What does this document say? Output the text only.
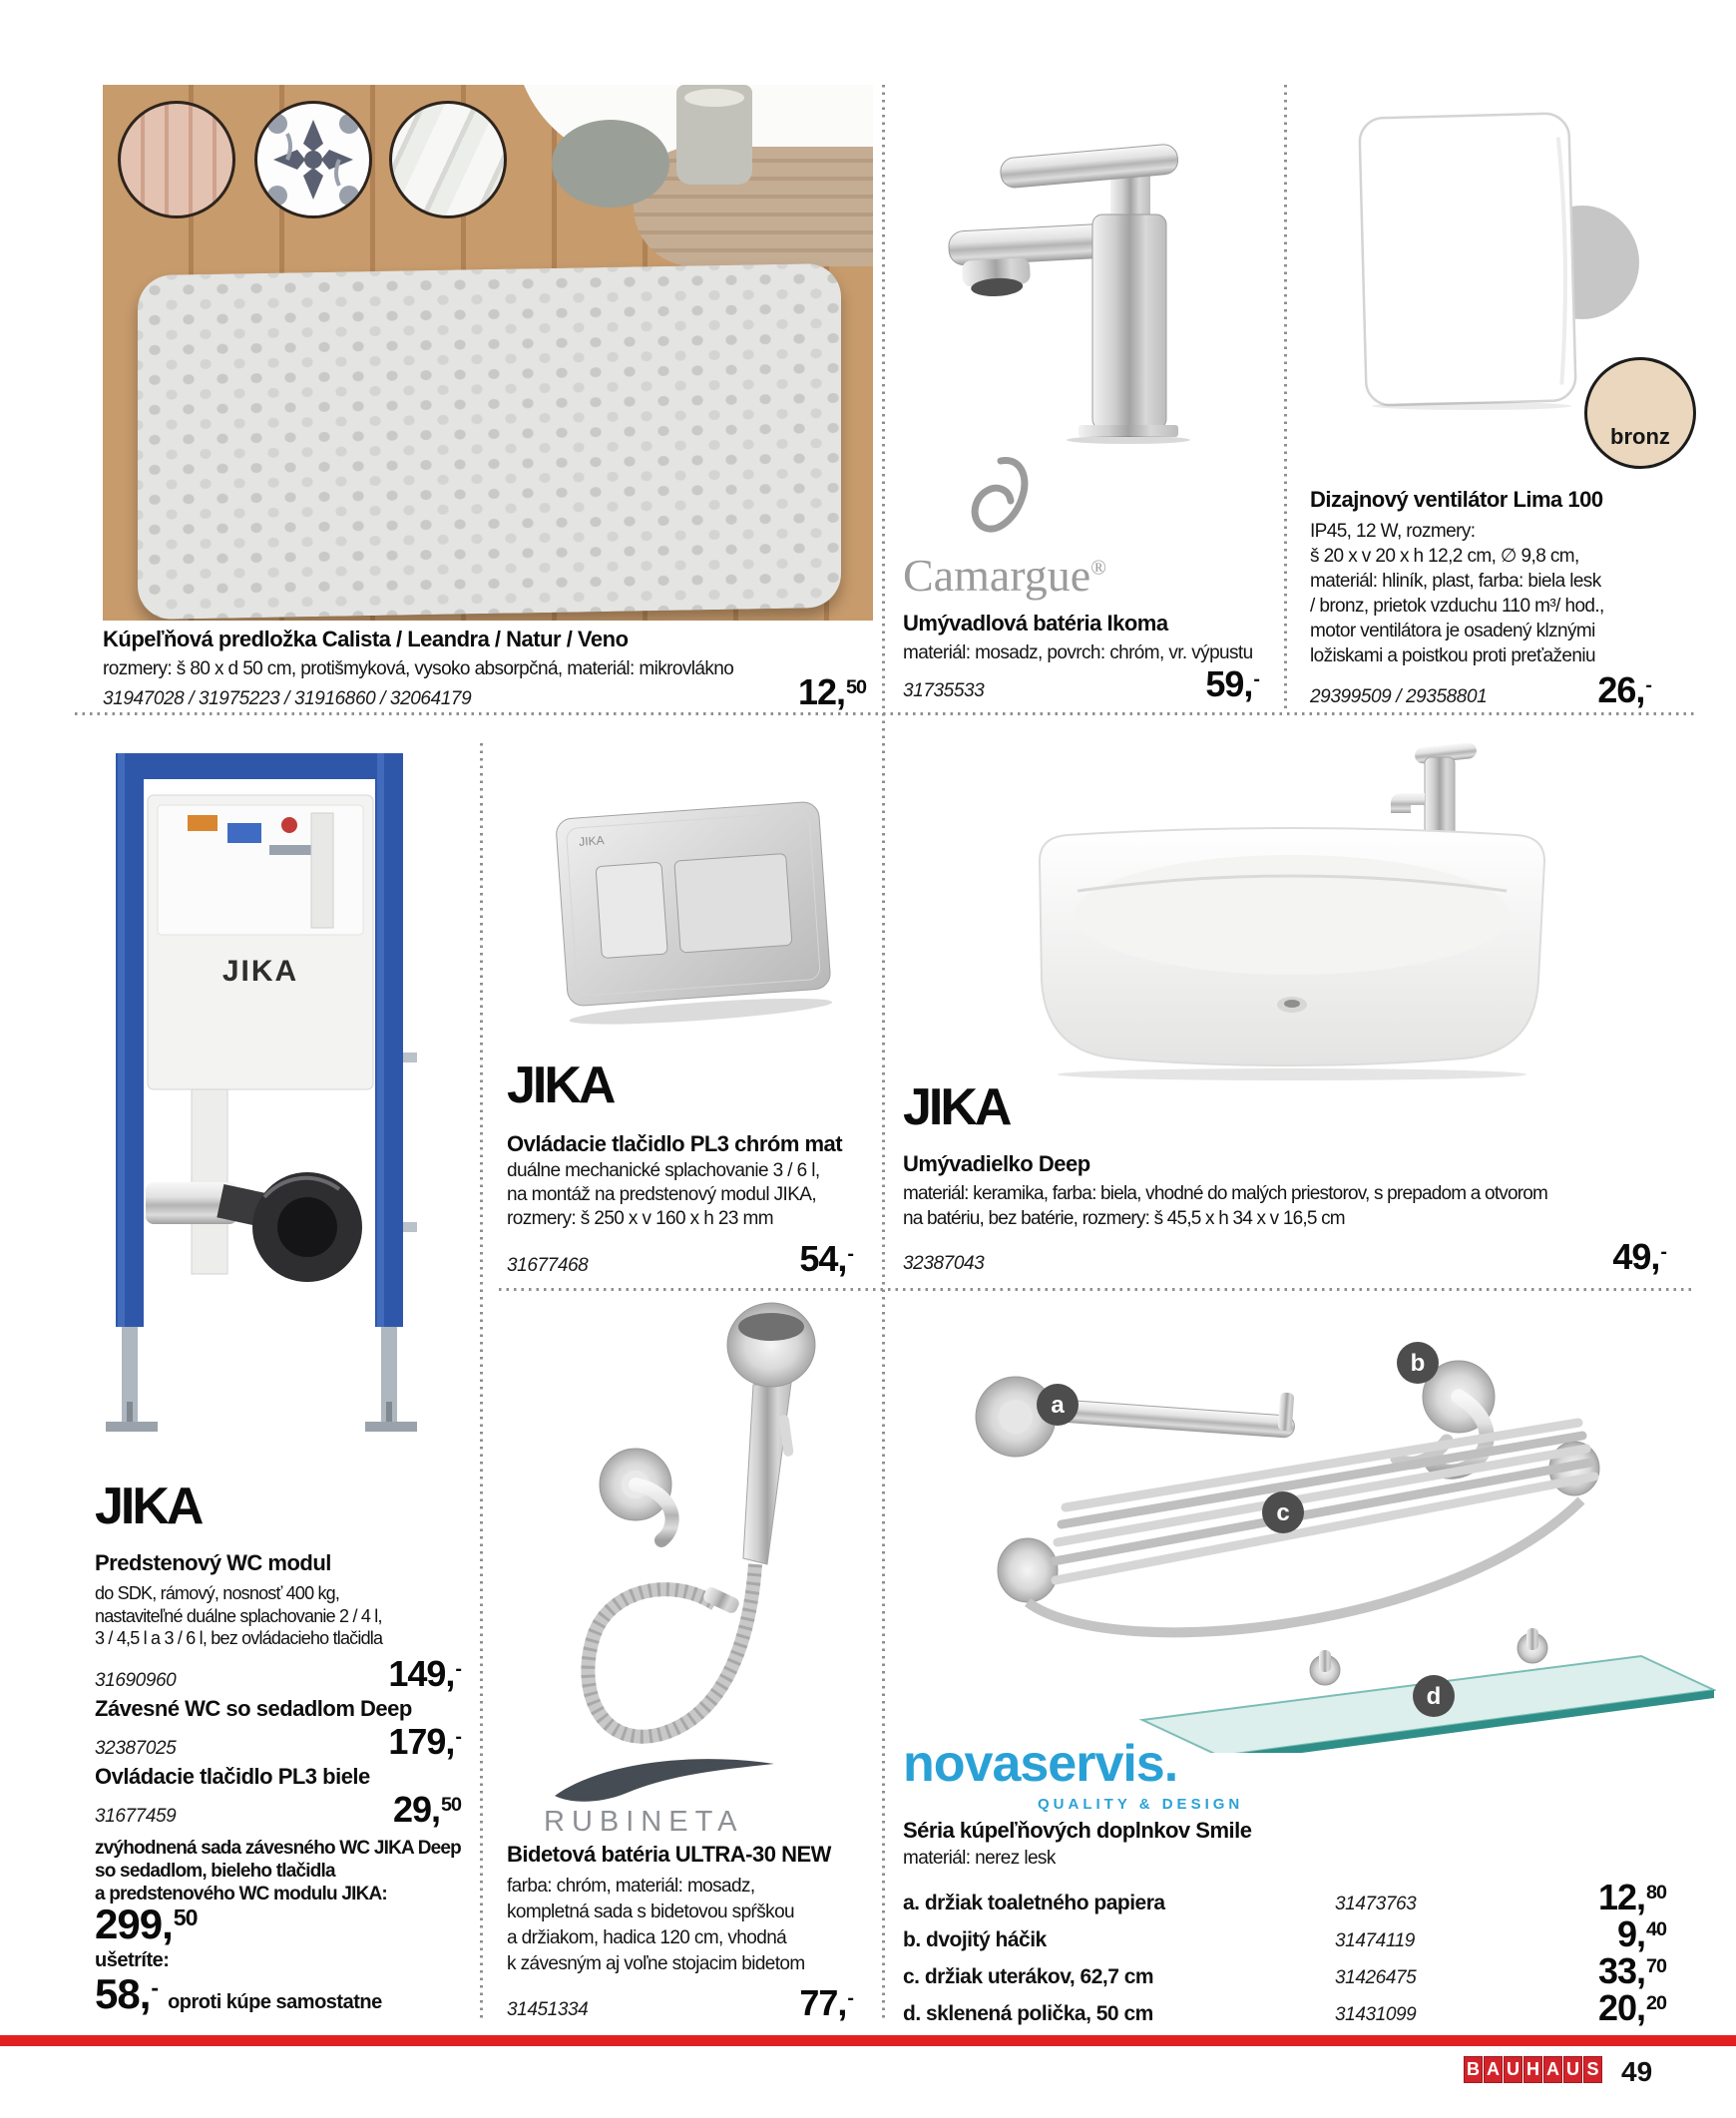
Kúpeľňová predložka Calista / Leandra / Natur / Veno
rozmery: š 80 x d 50 cm, protišmyková, vysoko absorpčná, materiál: mikrovlákno
31947028 / 31975223 / 31916860 / 32064179	12,50
Camargue®
Umývadlová batéria Ikoma
materiál: mosadz, povrch: chróm, vr. výpustu
31735533	59,-
bronz
Dizajnový ventilátor Lima 100
IP45, 12 W, rozmery:
š 20 x v 20 x h 12,2 cm, ∅ 9,8 cm,
materiál: hliník, plast, farba: biela lesk
/ bronz, prietok vzduchu 110 m³/ hod.,
motor ventilátora je osadený klznými
ložiskami a poistkou proti preťaženiu
29399509 / 29358801	26,-
JIKA
JIKA
Predstenový WC modul
do SDK, rámový, nosnosť 400 kg,
nastaviteľné duálne splachovanie 2 / 4 l,
3 / 4,5 l a 3 / 6 l, bez ovládacieho tlačidla
31690960	149,-
Závesné WC so sedadlom Deep
32387025	179,-
Ovládacie tlačidlo PL3 biele
31677459	29,50
zvýhodnená sada závesného WC JIKA Deep
so sedadlom, bieleho tlačidla
a predstenového WC modulu JIKA:
299,50
ušetríte:
58,-
oproti kúpe samostatne
JIKA
JIKA
Ovládacie tlačidlo PL3 chróm mat
duálne mechanické splachovanie 3 / 6 l,
na montáž na predstenový modul JIKA,
rozmery: š 250 x v 160 x h 23 mm
31677468	54,-
JIKA
Umývadielko Deep
materiál: keramika, farba: biela, vhodné do malých priestorov, s prepadom a otvorom
na batériu, bez batérie, rozmery: š 45,5 x h 34 x v 16,5 cm
32387043	49,-
RUBINETA
Bidetová batéria ULTRA-30 NEW
farba: chróm, materiál: mosadz,
kompletná sada s bidetovou spŕškou
a držiakom, hadica 120 cm, vhodná
k závesným aj voľne stojacim bidetom
31451334	77,-
a
b
c
d
novaservis.
QUALITY & DESIGN
Séria kúpeľňových doplnkov Smile
materiál: nerez lesk
a. držiak toaletného papiera	31473763	12,80
b. dvojitý háčik	31474119	9,40
c. držiak uterákov, 62,7 cm	31426475	33,70
d. sklenená polička, 50 cm	31431099	20,20
B A U H A U S 49
